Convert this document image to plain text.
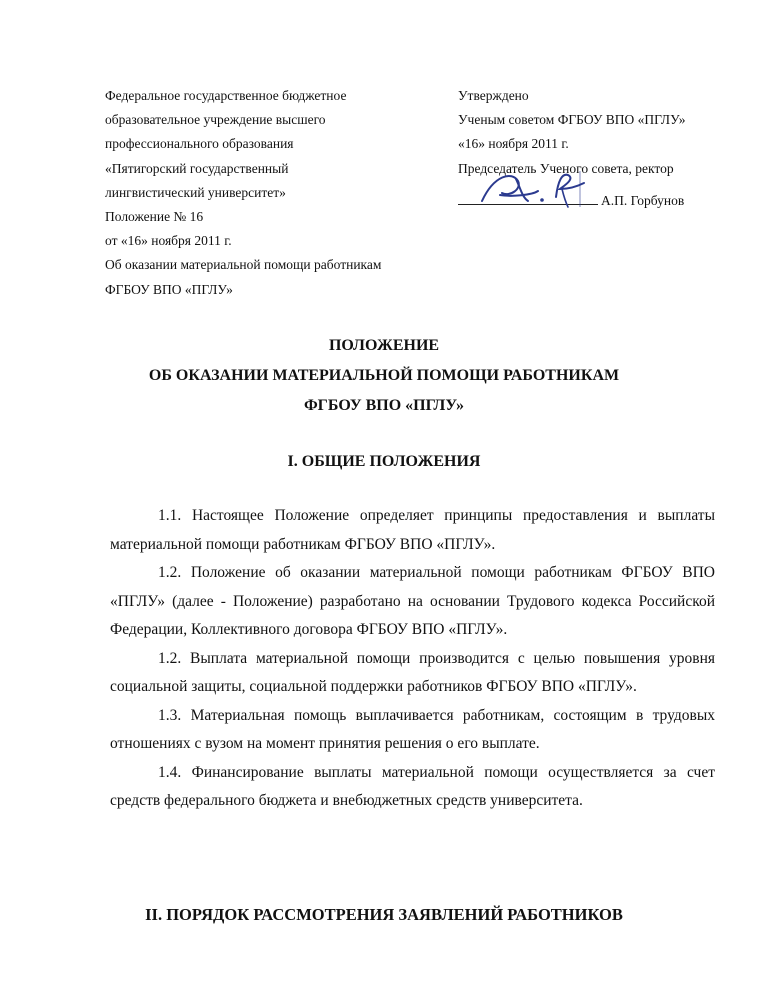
Федеральное государственное бюджетное
образовательное учреждение высшего
профессионального образования
«Пятигорский государственный
лингвистический университет»
Положение № 16
от «16» ноября 2011 г.
Об оказании материальной помощи работникам
ФГБОУ ВПО «ПГЛУ»
Утверждено
Ученым советом ФГБОУ ВПО «ПГЛУ»
«16» ноября 2011 г.
Председатель Ученого совета, ректор
А.П. Горбунов
ПОЛОЖЕНИЕ
ОБ ОКАЗАНИИ МАТЕРИАЛЬНОЙ ПОМОЩИ РАБОТНИКАМ
ФГБОУ ВПО «ПГЛУ»
I. ОБЩИЕ ПОЛОЖЕНИЯ

1.1. Настоящее Положение определяет принципы предоставления и выплаты материальной помощи работникам ФГБОУ ВПО «ПГЛУ».

1.2. Положение об оказании материальной помощи работникам ФГБОУ ВПО «ПГЛУ» (далее - Положение) разработано на основании Трудового кодекса Российской Федерации, Коллективного договора ФГБОУ ВПО «ПГЛУ».

1.2. Выплата материальной помощи производится с целью повышения уровня социальной защиты, социальной поддержки работников ФГБОУ ВПО «ПГЛУ».

1.3. Материальная помощь выплачивается работникам, состоящим в трудовых отношениях с вузом на момент принятия решения о его выплате.

1.4. Финансирование выплаты материальной помощи осуществляется за счет средств федерального бюджета и внебюджетных средств университета.

II. ПОРЯДОК РАССМОТРЕНИЯ ЗАЯВЛЕНИЙ РАБОТНИКОВ
